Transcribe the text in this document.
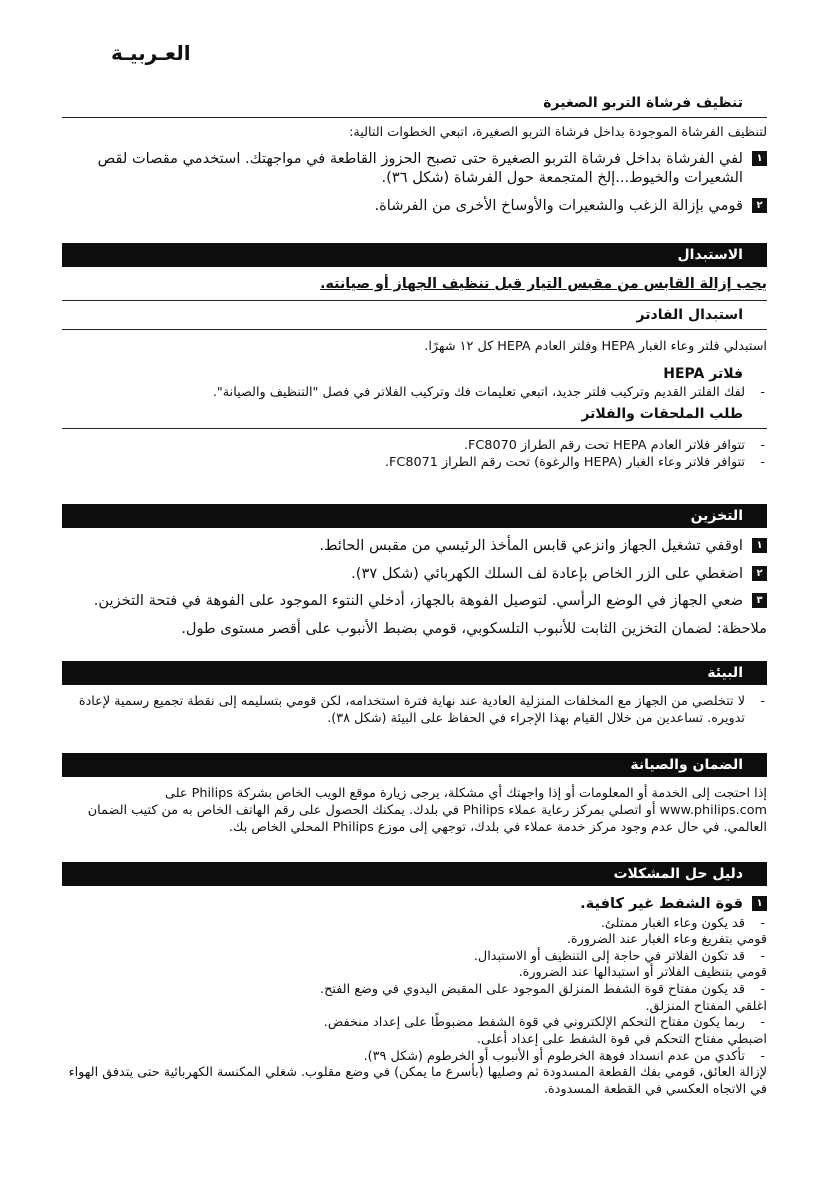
العـربيـة
تنظيف فرشاة التربو الصغيرة

لتنظيف الفرشاة الموجودة بداخل فرشاة التربو الصغيرة، اتبعي الخطوات التالية:

١
لفي الفرشاة بداخل فرشاة التربو الصغيرة حتى تصبح الحزوز القاطعة في مواجهتك. استخدمي مقصات لقص الشعيرات والخيوط...إلخ المتجمعة حول الفرشاة (شكل ٣٦).
٢
قومي بإزالة الزغب والشعيرات والأوساخ الأخرى من الفرشاة.
الاستبدال

يجب إزالة القابس من مقبس التيار قبل تنظيف الجهاز أو صيانته.

استبدال الفادتر

استبدلي فلتر وعاء الغبار HEPA وفلتر العادم HEPA كل ١٢ شهرًا.

فلاتر HEPA
- لفك الفلتر القديم وتركيب فلتر جديد، اتبعي تعليمات فك وتركيب الفلاتر في فصل "التنظيف والصيانة".
طلب الملحقات والفلاتر
- تتوافر فلاتر العادم HEPA تحت رقم الطراز FC8070.
- تتوافر فلاتر وعاء الغبار (HEPA والرغوة) تحت رقم الطراز FC8071.
التخزين
١
اوقفي تشغيل الجهاز وانزعي قابس المأخذ الرئيسي من مقبس الحائط.
٢
اضغطي على الزر الخاص بإعادة لف السلك الكهربائي (شكل ٣٧).
٣
ضعي الجهاز في الوضع الرأسي. لتوصيل الفوهة بالجهاز، أدخلي النتوء الموجود على الفوهة في فتحة التخزين.

ملاحظة: لضمان التخزين الثابت للأنبوب التلسكوبي، قومي بضبط الأنبوب على أقصر مستوى طول.

البيئة
- لا تتخلصي من الجهاز مع المخلفات المنزلية العادية عند نهاية فترة استخدامه، لكن قومي بتسليمه إلى نقطة تجميع رسمية لإعادة تدويره. تساعدين من خلال القيام بهذا الإجراء في الحفاظ على البيئة (شكل ٣٨).
الضمان والصيانة

إذا احتجت إلى الخدمة أو المعلومات أو إذا واجهتك أي مشكلة، يرجى زيارة موقع الويب الخاص بشركة Philips على www.philips.com أو اتصلي بمركز رعاية عملاء Philips في بلدك. يمكنك الحصول على رقم الهاتف الخاص به من كتيب الضمان العالمي. في حال عدم وجود مركز خدمة عملاء في بلدك، توجهي إلى موزع Philips المحلي الخاص بك.

دليل حل المشكلات
١
قوة الشفط غير كافية.
- قد يكون وعاء الغبار ممتلئ.
قومي بتفريغ وعاء الغبار عند الضرورة.
- قد تكون الفلاتر في حاجة إلى التنظيف أو الاستبدال.
قومي بتنظيف الفلاتر أو استبدالها عند الضرورة.
- قد يكون مفتاح قوة الشفط المنزلق الموجود على المقبض اليدوي في وضع الفتح.
اغلقي المفتاح المنزلق.
- ربما يكون مفتاح التحكم الإلكتروني في قوة الشفط مضبوطًا على إعداد منخفض.
اضبطي مفتاح التحكم في قوة الشفط على إعداد أعلى.
- تأكدي من عدم انسداد فوهة الخرطوم أو الأنبوب أو الخرطوم (شكل ٣٩).
لإزالة العائق، قومي بفك القطعة المسدودة ثم وصليها (بأسرع ما يمكن) في وضع مقلوب. شغلي المكنسة الكهربائية حتى يتدفق الهواء في الاتجاه العكسي في القطعة المسدودة.
